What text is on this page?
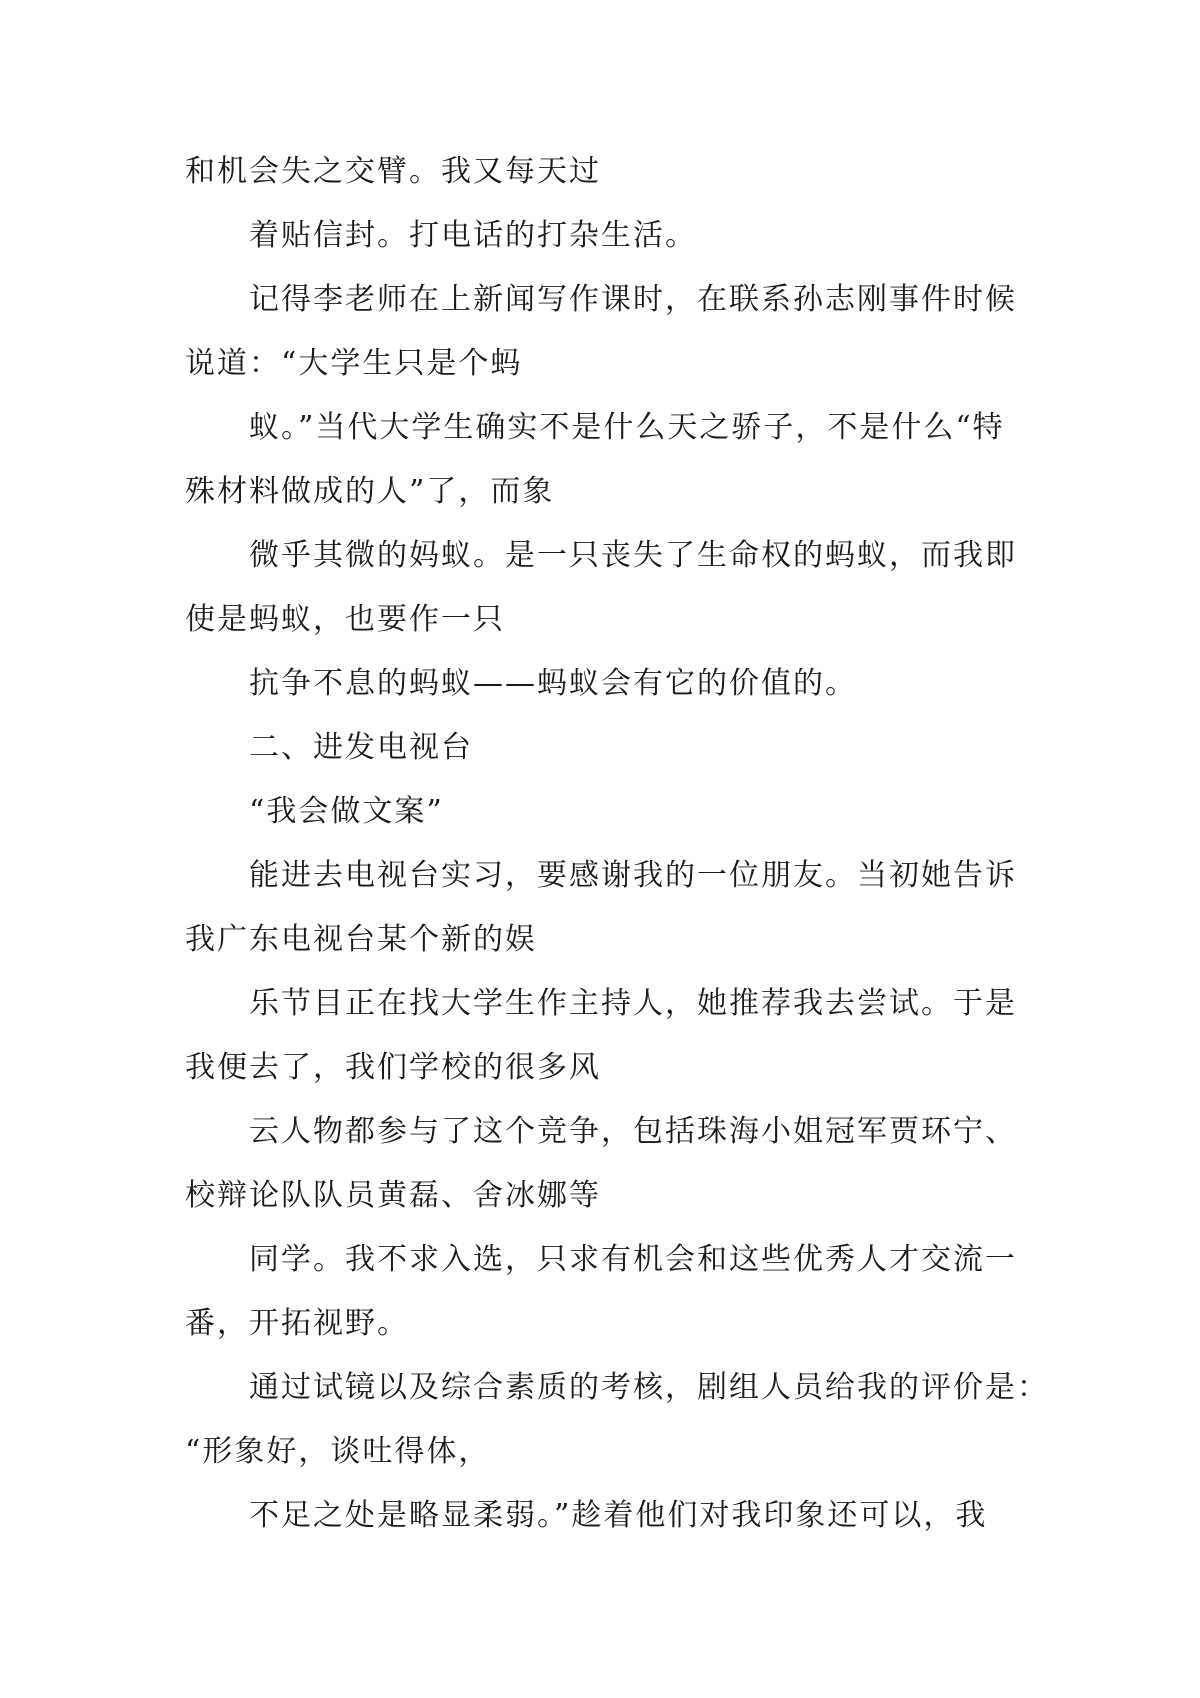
和机会失之交臂。我又每天过
着贴信封。打电话的打杂生活。
记得李老师在上新闻写作课时，在联系孙志刚事件时候
说道：“大学生只是个蚂
蚁。”当代大学生确实不是什么天之骄子，不是什么“特
殊材料做成的人”了，而象
微乎其微的妈蚁。是一只丧失了生命权的蚂蚁，而我即
使是蚂蚁，也要作一只
抗争不息的蚂蚁——蚂蚁会有它的价值的。
二、进发电视台
“我会做文案”
能进去电视台实习，要感谢我的一位朋友。当初她告诉
我广东电视台某个新的娱
乐节目正在找大学生作主持人，她推荐我去尝试。于是
我便去了，我们学校的很多风
云人物都参与了这个竞争，包括珠海小姐冠军贾环宁、
校辩论队队员黄磊、舍冰娜等
同学。我不求入选，只求有机会和这些优秀人才交流一
番，开拓视野。
通过试镜以及综合素质的考核，剧组人员给我的评价是：
“形象好，谈吐得体，
不足之处是略显柔弱。”趁着他们对我印象还可以，我
